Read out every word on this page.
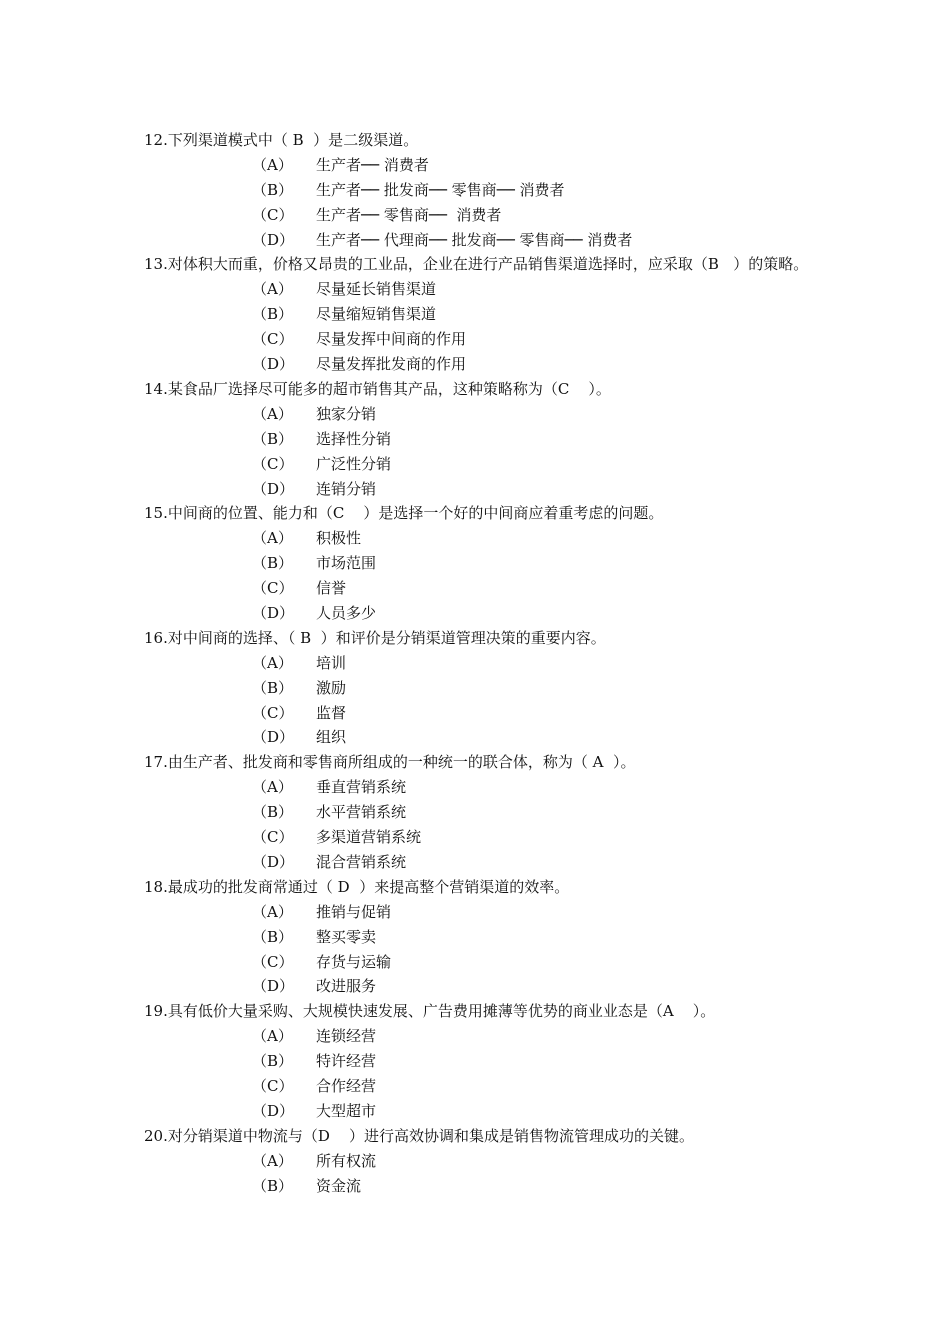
12. 下列渠道模式中（ B  ）是二级渠道。
（A）	生产者── 消费者
（B）	生产者── 批发商── 零售商── 消费者
（C）	生产者── 零售商──  消费者
（D）	生产者── 代理商── 批发商── 零售商── 消费者
13. 对体积大而重，价格又昂贵的工业品，企业在进行产品销售渠道选择时，应采取（B   ）的策略。
（A）	尽量延长销售渠道
（B）	尽量缩短销售渠道
（C）	尽量发挥中间商的作用
（D）	尽量发挥批发商的作用
14. 某食品厂选择尽可能多的超市销售其产品，这种策略称为（C    ）。
（A）	独家分销
（B）	选择性分销
（C）	广泛性分销
（D）	连销分销
15. 中间商的位置、能力和（C    ）是选择一个好的中间商应着重考虑的问题。
（A）	积极性
（B）	市场范围
（C）	信誉
（D）	人员多少
16. 对中间商的选择、（ B  ）和评价是分销渠道管理决策的重要内容。
（A）	培训
（B）	激励
（C）	监督
（D）	组织
17. 由生产者、批发商和零售商所组成的一种统一的联合体，称为（ A  ）。
（A）	垂直营销系统
（B）	水平营销系统
（C）	多渠道营销系统
（D）	混合营销系统
18. 最成功的批发商常通过（ D  ）来提高整个营销渠道的效率。
（A）	推销与促销
（B）	整买零卖
（C）	存货与运输
（D）	改进服务
19. 具有低价大量采购、大规模快速发展、广告费用摊薄等优势的商业业态是（A    ）。
（A）	连锁经营
（B）	特许经营
（C）	合作经营
（D）	大型超市
20. 对分销渠道中物流与（D    ）进行高效协调和集成是销售物流管理成功的关键。
（A）	所有权流
（B）	资金流
